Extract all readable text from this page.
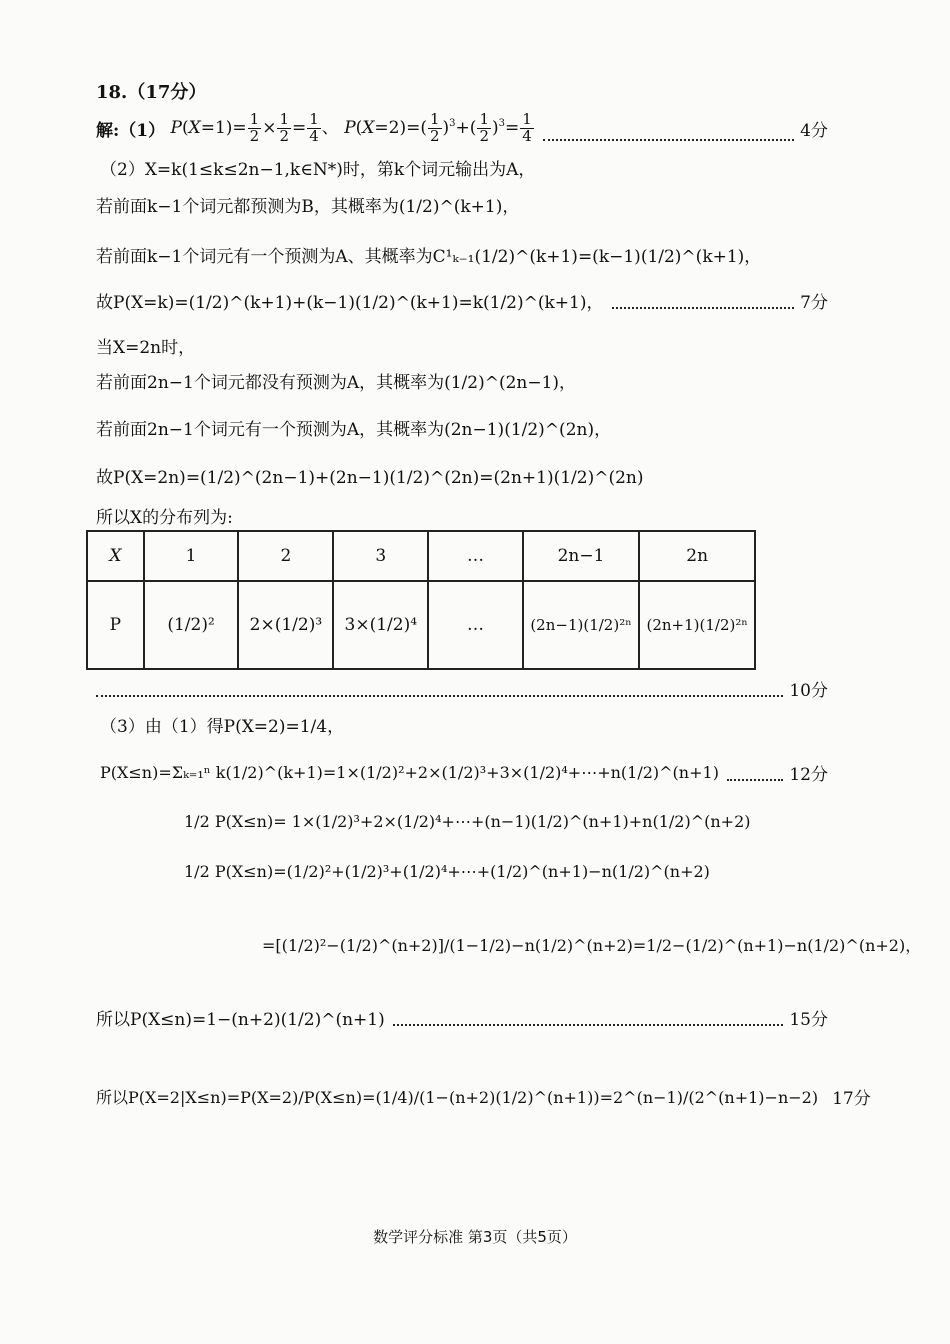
18.（17分）
解:（1） $P(X=1)= \frac{1}{2} \times \frac{1}{2} = \frac{1}{4}$ 、 $P(X=2)=( \frac{1}{2} )^3+( \frac{1}{2} )^3= \frac{1}{4}$	4分
（2）X=k(1≤k≤2n−1,k∈N*)时，第k个词元输出为A，
若前面k−1个词元都预测为B，其概率为(1/2)^(k+1)，
若前面k−1个词元有一个预测为A、其概率为C¹ₖ₋₁(1/2)^(k+1)=(k−1)(1/2)^(k+1)，
故P(X=k)=(1/2)^(k+1)+(k−1)(1/2)^(k+1)=k(1/2)^(k+1)，	7分
当X=2n时，
若前面2n−1个词元都没有预测为A，其概率为(1/2)^(2n−1)，
若前面2n−1个词元有一个预测为A，其概率为(2n−1)(1/2)^(2n)，
故P(X=2n)=(1/2)^(2n−1)+(2n−1)(1/2)^(2n)=(2n+1)(1/2)^(2n)
所以X的分布列为:
X	1	2	3	…	2n−1	2n
P	(1/2)²	2×(1/2)³	3×(1/2)⁴	…	(2n−1)(1/2)²ⁿ	(2n+1)(1/2)²ⁿ
10分
（3）由（1）得P(X=2)=1/4，
P(X≤n)=Σₖ₌₁ⁿ k(1/2)^(k+1)=1×(1/2)²+2×(1/2)³+3×(1/2)⁴+⋯+n(1/2)^(n+1)	12分
1/2 P(X≤n)= 1×(1/2)³+2×(1/2)⁴+⋯+(n−1)(1/2)^(n+1)+n(1/2)^(n+2)
1/2 P(X≤n)=(1/2)²+(1/2)³+(1/2)⁴+⋯+(1/2)^(n+1)−n(1/2)^(n+2)
=[(1/2)²−(1/2)^(n+2)]/(1−1/2)−n(1/2)^(n+2)=1/2−(1/2)^(n+1)−n(1/2)^(n+2)，
所以P(X≤n)=1−(n+2)(1/2)^(n+1)	15分
所以P(X=2|X≤n)=P(X=2)/P(X≤n)=(1/4)/(1−(n+2)(1/2)^(n+1))=2^(n−1)/(2^(n+1)−n−2) 17分
数学评分标准 第3页（共5页）
